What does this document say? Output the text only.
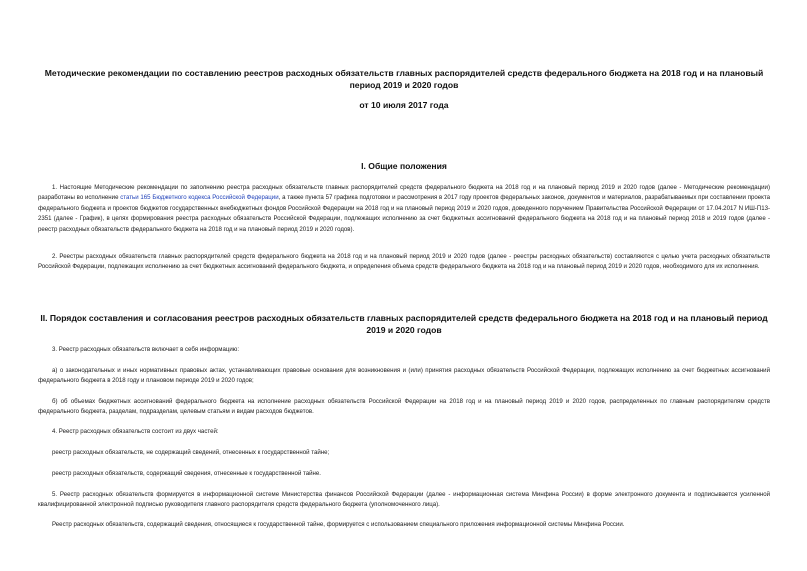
Методические рекомендации по составлению реестров расходных обязательств главных распорядителей средств федерального бюджета на 2018 год и на плановый период 2019 и 2020 годов
от 10 июля 2017 года
I. Общие положения
1. Настоящие Методические рекомендации по заполнению реестра расходных обязательств главных распорядителей средств федерального бюджета на 2018 год и на плановый период 2019 и 2020 годов (далее - Методические рекомендации) разработаны во исполнение статьи 165 Бюджетного кодекса Российской Федерации, а также пункта 57 графика подготовки и рассмотрения в 2017 году проектов федеральных законов, документов и материалов, разрабатываемых при составлении проекта федерального бюджета и проектов бюджетов государственных внебюджетных фондов Российской Федерации на 2018 год и на плановый период 2019 и 2020 годов, доведенного поручением Правительства Российской Федерации от 17.04.2017 N ИШ-П13-2351 (далее - График), в целях формирования реестра расходных обязательств Российской Федерации, подлежащих исполнению за счет бюджетных ассигнований федерального бюджета на 2018 год и на плановый период 2018 и 2019 годов (далее - реестр расходных обязательств федерального бюджета на 2018 год и на плановый период 2019 и 2020 годов).
2. Реестры расходных обязательств главных распорядителей средств федерального бюджета на 2018 год и на плановый период 2019 и 2020 годов (далее - реестры расходных обязательств) составляются с целью учета расходных обязательств Российской Федерации, подлежащих исполнению за счет бюджетных ассигнований федерального бюджета, и определения объема средств федерального бюджета на 2018 год и на плановый период 2019 и 2020 годов, необходимого для их исполнения.
II. Порядок составления и согласования реестров расходных обязательств главных распорядителей средств федерального бюджета на 2018 год и на плановый период 2019 и 2020 годов
3. Реестр расходных обязательств включает в себя информацию:
а) о законодательных и иных нормативных правовых актах, устанавливающих правовые основания для возникновения и (или) принятия расходных обязательств Российской Федерации, подлежащих исполнению за счет бюджетных ассигнований федерального бюджета в 2018 году и плановом периоде 2019 и 2020 годов;
б) об объемах бюджетных ассигнований федерального бюджета на исполнение расходных обязательств Российской Федерации на 2018 год и на плановый период 2019 и 2020 годов, распределенных по главным распорядителям средств федерального бюджета, разделам, подразделам, целевым статьям и видам расходов бюджетов.
4. Реестр расходных обязательств состоит из двух частей:
реестр расходных обязательств, не содержащий сведений, отнесенных к государственной тайне;
реестр расходных обязательств, содержащий сведения, отнесенные к государственной тайне.
5. Реестр расходных обязательств формируется в информационной системе Министерства финансов Российской Федерации (далее - информационная система Минфина России) в форме электронного документа и подписывается усиленной квалифицированной электронной подписью руководителя главного распорядителя средств федерального бюджета (уполномоченного лица).
Реестр расходных обязательств, содержащий сведения, относящиеся к государственной тайне, формируется с использованием специального приложения информационной системы Минфина России.
